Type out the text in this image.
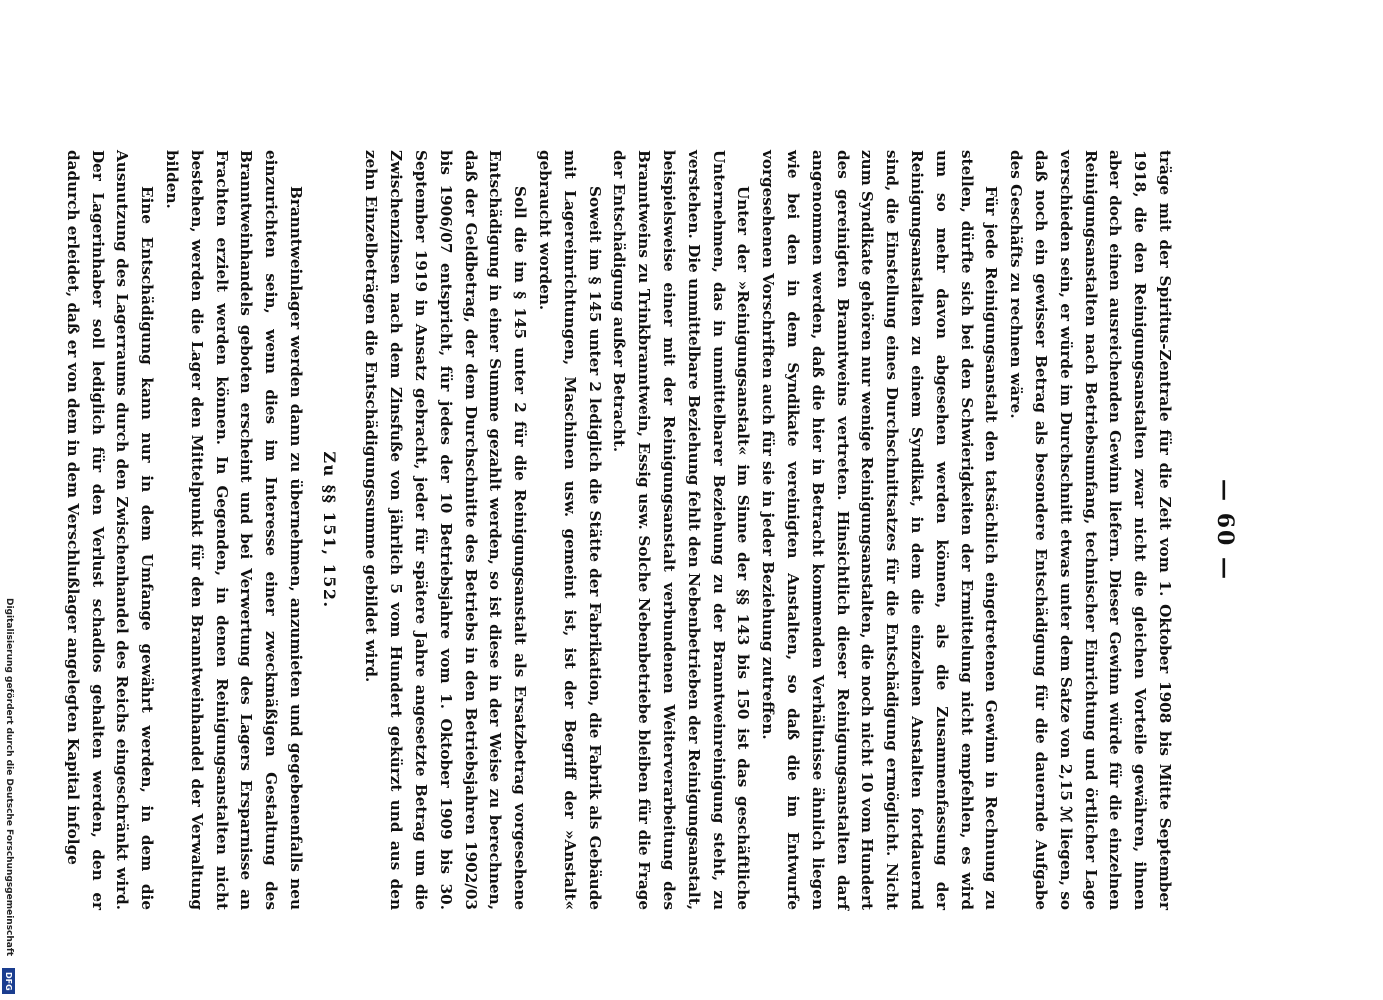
— 60 —

träge mit der Spiritus-Zentrale für die Zeit vom 1. Oktober 1908 bis Mitte September 1918, die den Reinigungsanstalten zwar nicht die gleichen Vorteile gewähren, ihnen aber doch einen ausreichenden Gewinn liefern. Dieser Gewinn würde für die einzelnen Reinigungsanstalten nach Betriebsumfang, technischer Einrichtung und örtlicher Lage verschieden sein, er würde im Durchschnitt etwas unter dem Satze von 2,15 ℳ liegen, so daß noch ein gewisser Betrag als besondere Entschädigung für die dauernde Aufgabe des Geschäfts zu rechnen wäre.

Für jede Reinigungsanstalt den tatsächlich eingetretenen Gewinn in Rechnung zu stellen, dürfte sich bei den Schwierigkeiten der Ermittelung nicht empfehlen, es wird um so mehr davon abgesehen werden können, als die Zusammenfassung der Reinigungsanstalten zu einem Syndikat, in dem die einzelnen Anstalten fortdauernd sind, die Einstellung eines Durchschnittsatzes für die Entschädigung ermöglicht. Nicht zum Syndikate gehören nur wenige Reinigungsanstalten, die noch nicht 10 vom Hundert des gereinigten Branntweins vertreten. Hinsichtlich dieser Reinigungsanstalten darf angenommen werden, daß die hier in Betracht kommenden Verhältnisse ähnlich liegen wie bei den in dem Syndikate vereinigten Anstalten, so daß die im Entwurfe vorgesehenen Vorschriften auch für sie in jeder Beziehung zutreffen.

Unter der »Reinigungsanstalt« im Sinne der §§ 143 bis 150 ist das geschäftliche Unternehmen, das in unmittelbarer Beziehung zu der Branntweinreinigung steht, zu verstehen. Die unmittelbare Beziehung fehlt den Nebenbetrieben der Reinigungsanstalt, beispielsweise einer mit der Reinigungsanstalt verbundenen Weiterverarbeitung des Branntweins zu Trinkbranntwein, Essig usw. Solche Nebenbetriebe bleiben für die Frage der Entschädigung außer Betracht.

Soweit im § 145 unter 2 lediglich die Stätte der Fabrikation, die Fabrik als Gebäude mit Lagereinrichtungen, Maschinen usw. gemeint ist, ist der Begriff der »Anstalt« gebraucht worden.

Soll die im § 145 unter 2 für die Reinigungsanstalt als Ersatzbetrag vorgesehene Entschädigung in einer Summe gezahlt werden, so ist diese in der Weise zu berechnen, daß der Geldbetrag, der dem Durchschnitte des Betriebs in den Betriebsjahren 1902/03 bis 1906/07 entspricht, für jedes der 10 Betriebsjahre vom 1. Oktober 1909 bis 30. September 1919 in Ansatz gebracht, jeder für spätere Jahre angesetzte Betrag um die Zwischenzinsen nach dem Zinsfuße von jährlich 5 vom Hundert gekürzt und aus den zehn Einzelbeträgen die Entschädigungssumme gebildet wird.

Zu §§ 151, 152.

Branntweinlager werden dann zu übernehmen, anzumieten und gegebenenfalls neu einzurichten sein, wenn dies im Interesse einer zweckmäßigen Gestaltung des Branntweinhandels geboten erscheint und bei Verwertung des Lagers Ersparnisse an Frachten erzielt werden können. In Gegenden, in denen Reinigungsanstalten nicht bestehen, werden die Lager den Mittelpunkt für den Branntweinhandel der Verwaltung bilden.

Eine Entschädigung kann nur in dem Umfange gewährt werden, in dem die Ausnutzung des Lagerraums durch den Zwischenhandel des Reichs eingeschränkt wird. Der Lagerinhaber soll lediglich für den Verlust schadlos gehalten werden, den er dadurch erleidet, daß er von dem in dem Verschlußlager angelegten Kapital infolge

Digitalisierung gefördert durch die Deutsche Forschungsgemeinschaft
DFG
